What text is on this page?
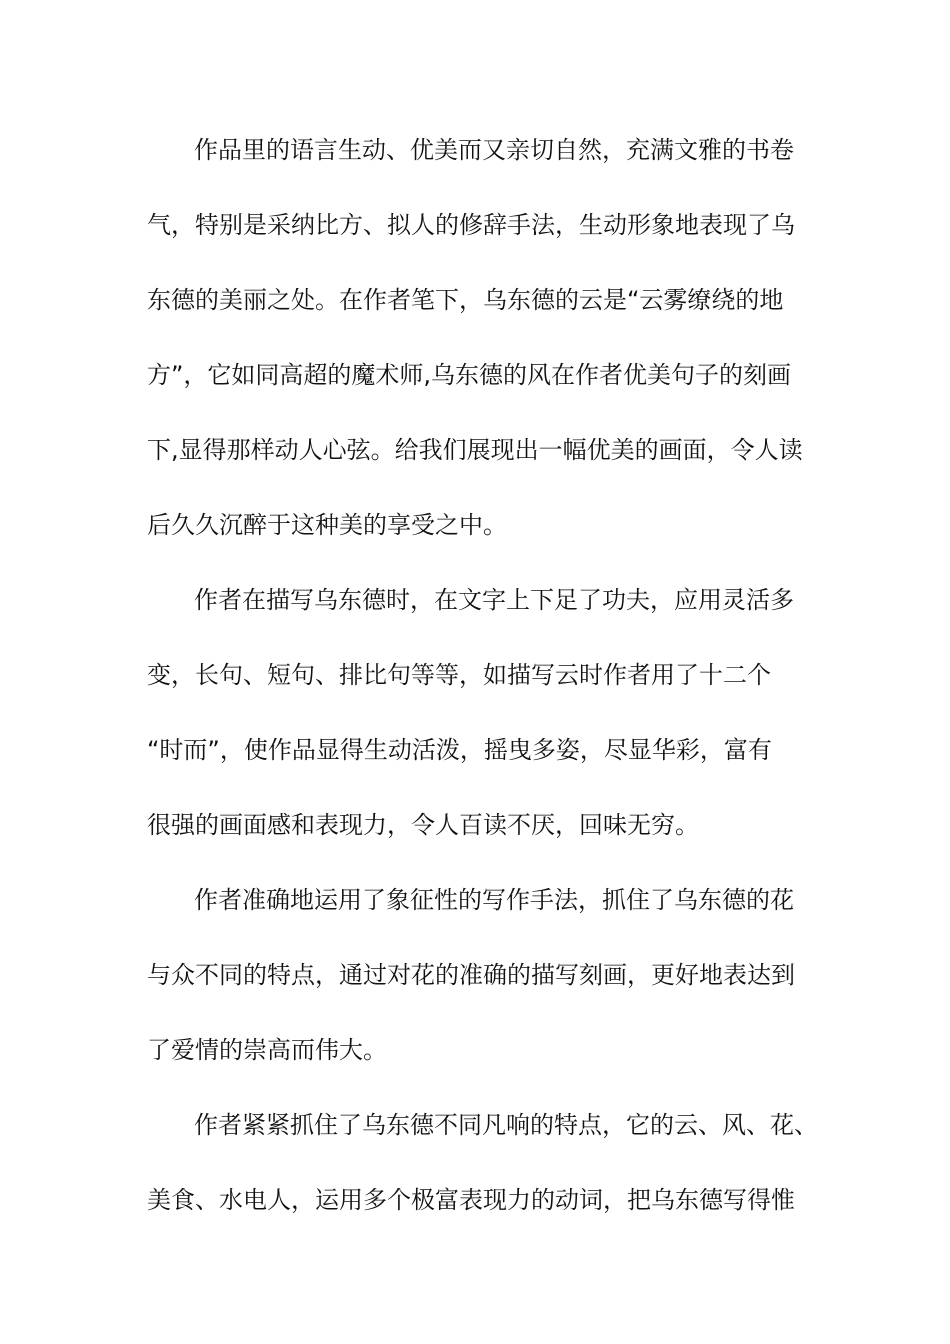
作品里的语言生动、优美而又亲切自然，充满文雅的书卷
气，特别是采纳比方、拟人的修辞手法，生动形象地表现了乌
东德的美丽之处。在作者笔下，乌东德的云是“云雾缭绕的地
方”，它如同高超的魔术师,乌东德的风在作者优美句子的刻画
下,显得那样动人心弦。给我们展现出一幅优美的画面，令人读
后久久沉醉于这种美的享受之中。
作者在描写乌东德时，在文字上下足了功夫，应用灵活多
变，长句、短句、排比句等等，如描写云时作者用了十二个
“时而”，使作品显得生动活泼，摇曳多姿，尽显华彩，富有
很强的画面感和表现力，令人百读不厌，回味无穷。
作者准确地运用了象征性的写作手法，抓住了乌东德的花
与众不同的特点，通过对花的准确的描写刻画，更好地表达到
了爱情的崇高而伟大。
作者紧紧抓住了乌东德不同凡响的特点，它的云、风、花、
美食、水电人，运用多个极富表现力的动词，把乌东德写得惟
